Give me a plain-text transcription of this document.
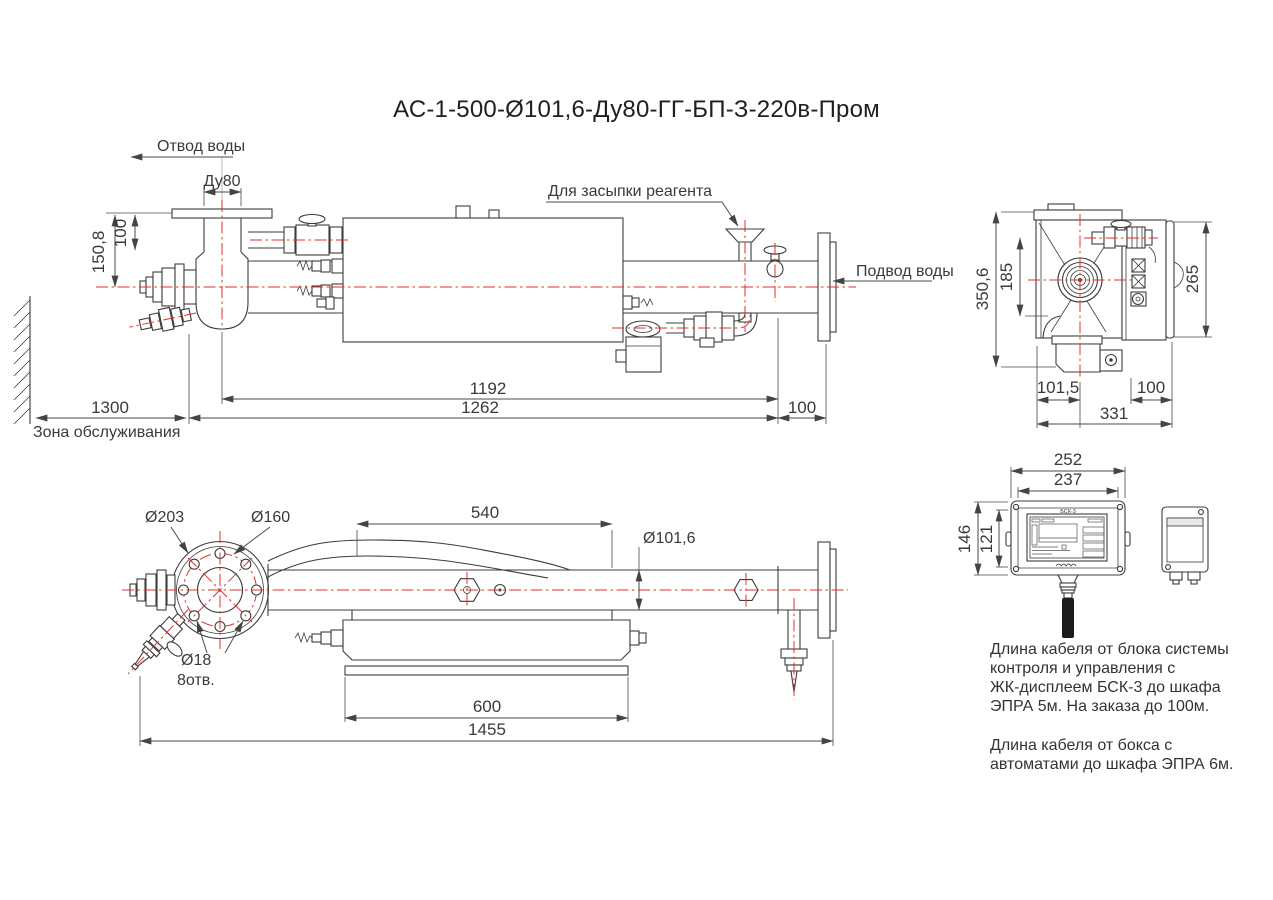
АС-1-500-Ø101,6-Ду80-ГГ-БП-З-220в-Пром
Отвод воды
Ду80
Для засыпки реагента
Подвод воды
150,8 100
1192
1262	100
1300
Зона обслуживания
350,6 185	265
101,5	100
331
Ø203	Ø160
Ø18
8отв.
540
Ø101,6
600
1455
БСК-3
252
237
146 121
Длина кабеля от блока системы
контроля и управления с
ЖК-дисплеем БСК-3 до шкафа
ЭПРА 5м. На заказа до 100м.
Длина кабеля от бокса с
автоматами до шкафа ЭПРА 6м.
